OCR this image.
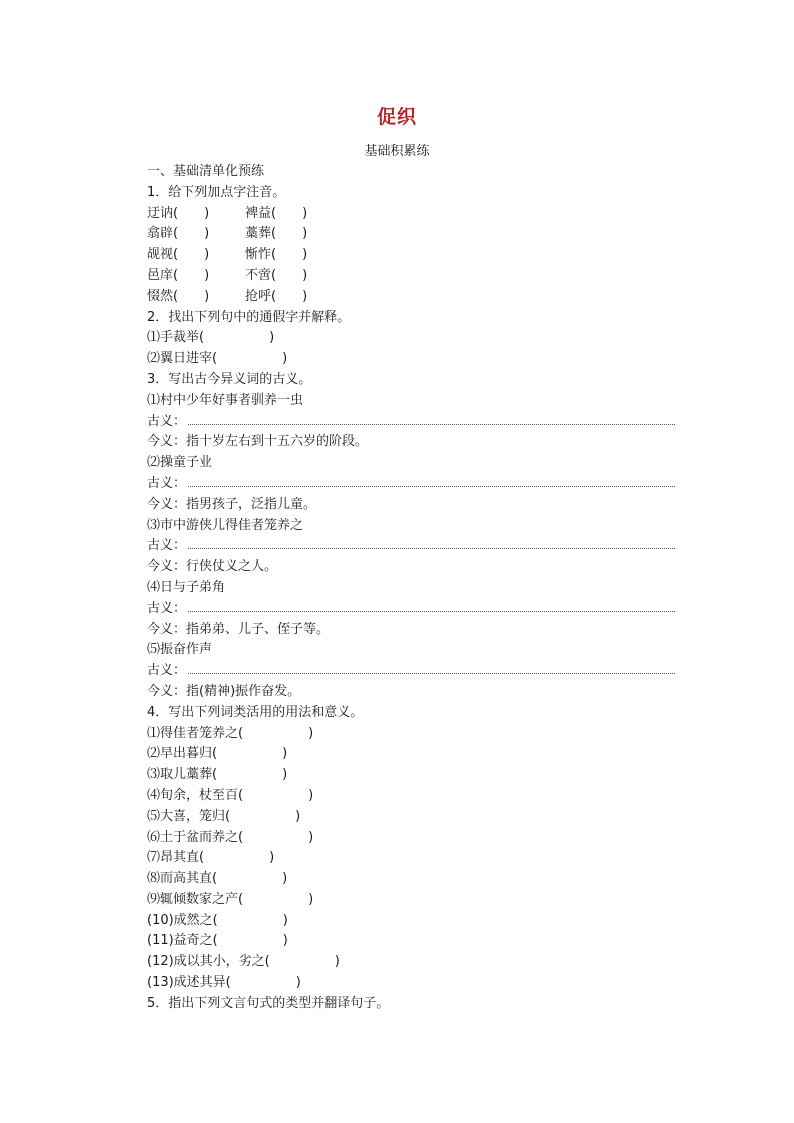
促织
基础积累练
一、基础清单化预练
1．给下列加点字注音。
迂讷(　　)	裨益(　　)
翕辟(　　)	藁葬(　　)
觇视(　　)	惭怍(　　)
邑庠(　　)	不啻(　　)
惙然(　　)	抢呼(　　)
2．找出下列句中的通假字并解释。
⑴手裁举(　　　　　)
⑵翼日进宰(　　　　　)
3．写出古今异义词的古义。
⑴村中少年好事者驯养一虫
古义：
今义：指十岁左右到十五六岁的阶段。
⑵操童子业
古义：
今义：指男孩子，泛指儿童。
⑶市中游侠儿得佳者笼养之
古义：
今义：行侠仗义之人。
⑷日与子弟角
古义：
今义：指弟弟、儿子、侄子等。
⑸振奋作声
古义：
今义：指(精神)振作奋发。
4．写出下列词类活用的用法和意义。
⑴得佳者笼养之(　　　　　)
⑵早出暮归(　　　　　)
⑶取儿藁葬(　　　　　)
⑷旬余，杖至百(　　　　　)
⑸大喜，笼归(　　　　　)
⑹土于盆而养之(　　　　　)
⑺昂其直(　　　　　)
⑻而高其直(　　　　　)
⑼辄倾数家之产(　　　　　)
(10)成然之(　　　　　)
(11)益奇之(　　　　　)
(12)成以其小，劣之(　　　　　)
(13)成述其异(　　　　　)
5．指出下列文言句式的类型并翻译句子。
